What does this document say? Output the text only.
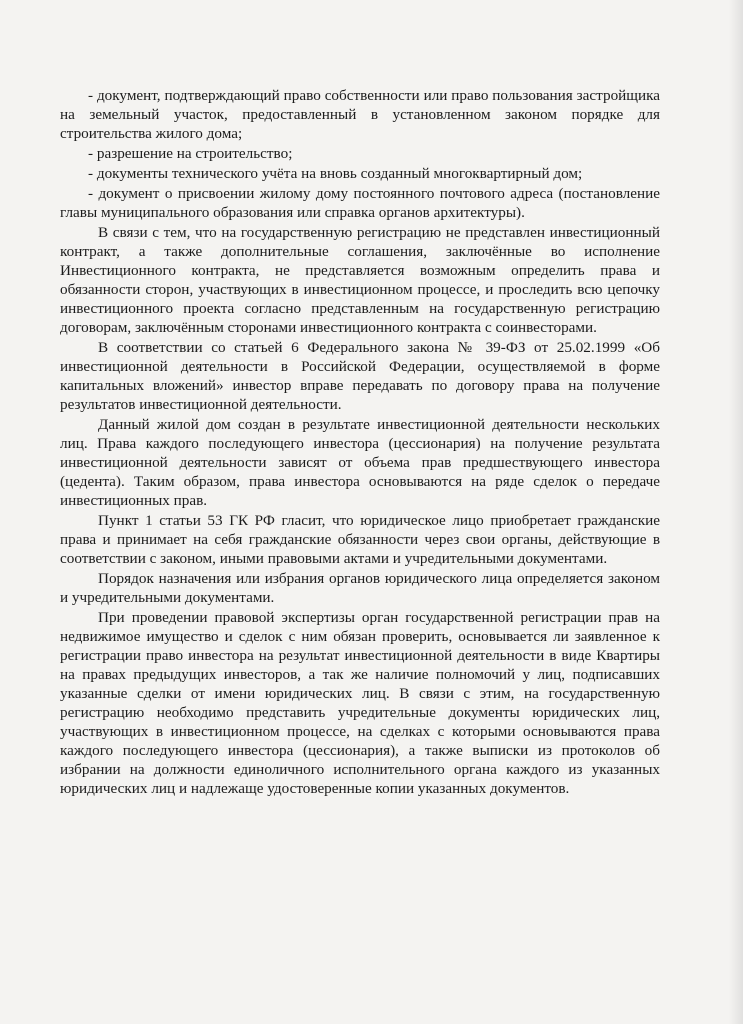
- документ, подтверждающий право собственности или право пользования застройщика на земельный участок, предоставленный в установленном законом порядке для строительства жилого дома;

- разрешение на строительство;

- документы технического учёта на вновь созданный многоквартирный дом;

- документ о присвоении жилому дому постоянного почтового адреса (постановление главы муниципального образования или справка органов архитектуры).

В связи с тем, что на государственную регистрацию не представлен инвестиционный контракт, а также дополнительные соглашения, заключённые во исполнение Инвестиционного контракта, не представляется возможным определить права и обязанности сторон, участвующих в инвестиционном процессе, и проследить всю цепочку инвестиционного проекта согласно представленным на государственную регистрацию договорам, заключённым сторонами инвестиционного контракта с соинвесторами.

В соответствии со статьей 6 Федерального закона № 39-ФЗ от 25.02.1999 «Об инвестиционной деятельности в Российской Федерации, осуществляемой в форме капитальных вложений» инвестор вправе передавать по договору права на получение результатов инвестиционной деятельности.

Данный жилой дом создан в результате инвестиционной деятельности нескольких лиц. Права каждого последующего инвестора (цессионария) на получение результата инвестиционной деятельности зависят от объема прав предшествующего инвестора (цедента). Таким образом, права инвестора основываются на ряде сделок о передаче инвестиционных прав.

Пункт 1 статьи 53 ГК РФ гласит, что юридическое лицо приобретает гражданские права и принимает на себя гражданские обязанности через свои органы, действующие в соответствии с законом, иными правовыми актами и учредительными документами.

Порядок назначения или избрания органов юридического лица определяется законом и учредительными документами.

При проведении правовой экспертизы орган государственной регистрации прав на недвижимое имущество и сделок с ним обязан проверить, основывается ли заявленное к регистрации право инвестора на результат инвестиционной деятельности в виде Квартиры на правах предыдущих инвесторов, а так же наличие полномочий у лиц, подписавших указанные сделки от имени юридических лиц. В связи с этим, на государственную регистрацию необходимо представить учредительные документы юридических лиц, участвующих в инвестиционном процессе, на сделках с которыми основываются права каждого последующего инвестора (цессионария), а также выписки из протоколов об избрании на должности единоличного исполнительного органа каждого из указанных юридических лиц и надлежаще удостоверенные копии указанных документов.
